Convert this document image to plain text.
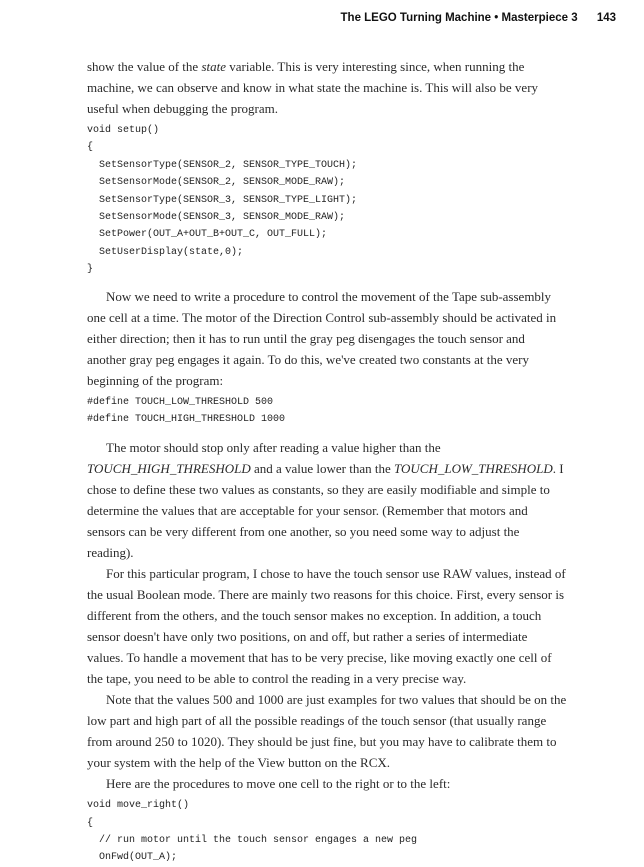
The LEGO Turning Machine • Masterpiece 3 143

show the value of the state variable. This is very interesting since, when running the machine, we can observe and know in what state the machine is. This will also be very useful when debugging the program.

void setup()
{
SetSensorType(SENSOR_2, SENSOR_TYPE_TOUCH);
SetSensorMode(SENSOR_2, SENSOR_MODE_RAW);
SetSensorType(SENSOR_3, SENSOR_TYPE_LIGHT);
SetSensorMode(SENSOR_3, SENSOR_MODE_RAW);
SetPower(OUT_A+OUT_B+OUT_C, OUT_FULL);
SetUserDisplay(state,0);
}

Now we need to write a procedure to control the movement of the Tape sub-assembly one cell at a time. The motor of the Direction Control sub-assembly should be activated in either direction; then it has to run until the gray peg disengages the touch sensor and another gray peg engages it again. To do this, we've created two constants at the very beginning of the program:

#define TOUCH_LOW_THRESHOLD 500
#define TOUCH_HIGH_THRESHOLD 1000

The motor should stop only after reading a value higher than the TOUCH_HIGH_THRESHOLD and a value lower than the TOUCH_LOW_THRESHOLD. I chose to define these two values as constants, so they are easily modifiable and simple to determine the values that are acceptable for your sensor. (Remember that motors and sensors can be very different from one another, so you need some way to adjust the reading).

For this particular program, I chose to have the touch sensor use RAW values, instead of the usual Boolean mode. There are mainly two reasons for this choice. First, every sensor is different from the others, and the touch sensor makes no exception. In addition, a touch sensor doesn't have only two positions, on and off, but rather a series of intermediate values. To handle a movement that has to be very precise, like moving exactly one cell of the tape, you need to be able to control the reading in a very precise way.

Note that the values 500 and 1000 are just examples for two values that should be on the low part and high part of all the possible readings of the touch sensor (that usually range from around 250 to 1020). They should be just fine, but you may have to calibrate them to your system with the help of the View button on the RCX.

Here are the procedures to move one cell to the right or to the left:

void move_right()
{
// run motor until the touch sensor engages a new peg
OnFwd(OUT_A);
